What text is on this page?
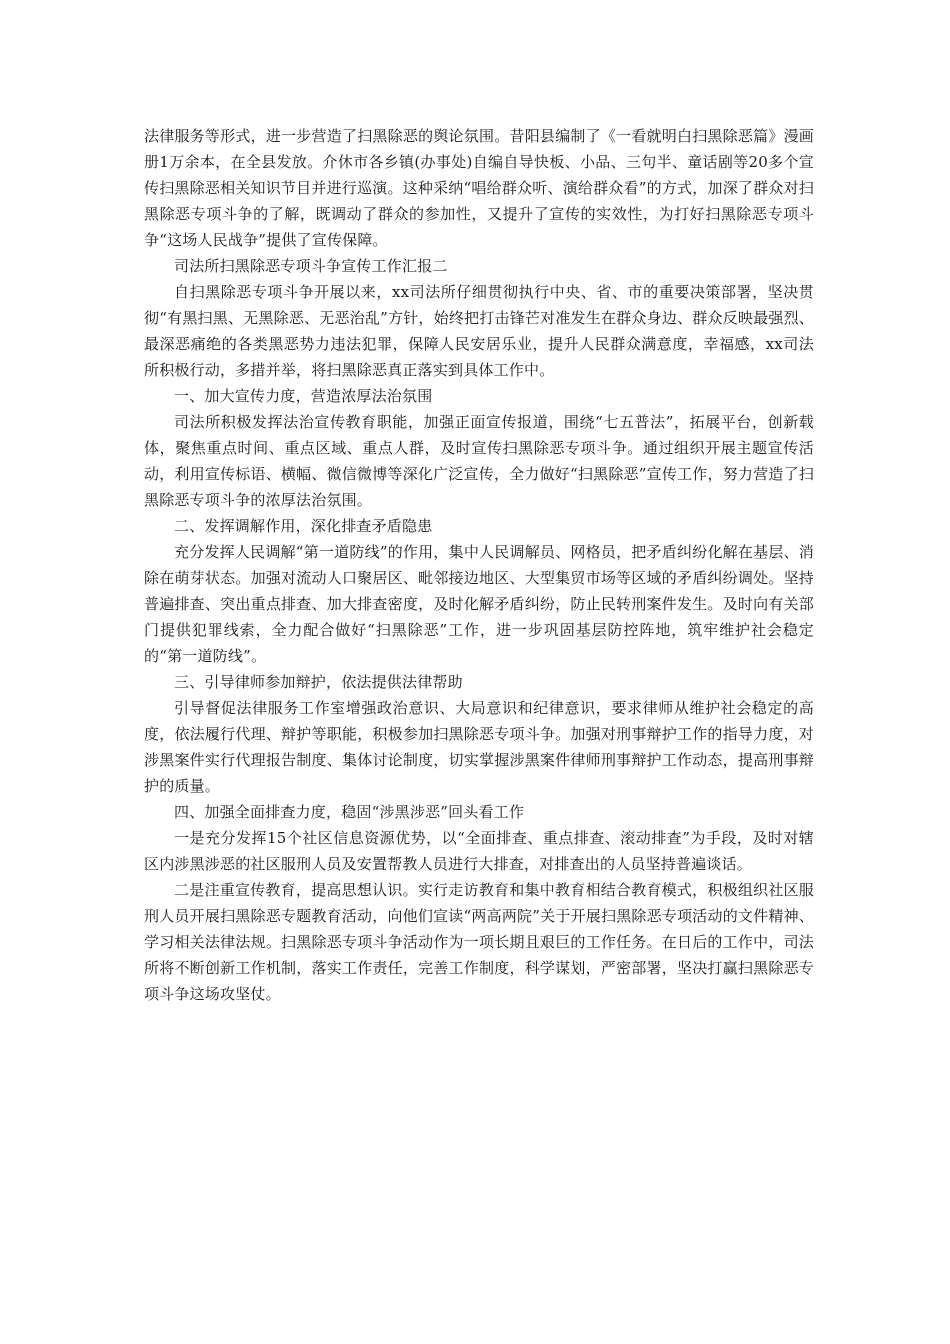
法律服务等形式，进一步营造了扫黑除恶的舆论氛围。昔阳县编制了《一看就明白扫黑除恶篇》漫画册1万余本，在全县发放。介休市各乡镇(办事处)自编自导快板、小品、三句半、童话剧等20多个宣传扫黑除恶相关知识节目并进行巡演。这种采纳“唱给群众听、演给群众看”的方式，加深了群众对扫黑除恶专项斗争的了解，既调动了群众的参加性，又提升了宣传的实效性，为打好扫黑除恶专项斗争“这场人民战争”提供了宣传保障。

司法所扫黑除恶专项斗争宣传工作汇报二

自扫黑除恶专项斗争开展以来，xx司法所仔细贯彻执行中央、省、市的重要决策部署，坚决贯彻“有黑扫黑、无黑除恶、无恶治乱”方针，始终把打击锋芒对准发生在群众身边、群众反映最强烈、最深恶痛绝的各类黑恶势力违法犯罪，保障人民安居乐业，提升人民群众满意度，幸福感，xx司法所积极行动，多措并举，将扫黑除恶真正落实到具体工作中。

一、加大宣传力度，营造浓厚法治氛围

司法所积极发挥法治宣传教育职能，加强正面宣传报道，围绕“七五普法”，拓展平台，创新载体，聚焦重点时间、重点区域、重点人群，及时宣传扫黑除恶专项斗争。通过组织开展主题宣传活动，利用宣传标语、横幅、微信微博等深化广泛宣传，全力做好“扫黑除恶”宣传工作，努力营造了扫黑除恶专项斗争的浓厚法治氛围。

二、发挥调解作用，深化排查矛盾隐患

充分发挥人民调解“第一道防线”的作用，集中人民调解员、网格员，把矛盾纠纷化解在基层、消除在萌芽状态。加强对流动人口聚居区、毗邻接边地区、大型集贸市场等区域的矛盾纠纷调处。坚持普遍排查、突出重点排查、加大排查密度，及时化解矛盾纠纷，防止民转刑案件发生。及时向有关部门提供犯罪线索，全力配合做好“扫黑除恶”工作，进一步巩固基层防控阵地，筑牢维护社会稳定的“第一道防线”。

三、引导律师参加辩护，依法提供法律帮助

引导督促法律服务工作室增强政治意识、大局意识和纪律意识，要求律师从维护社会稳定的高度，依法履行代理、辩护等职能，积极参加扫黑除恶专项斗争。加强对刑事辩护工作的指导力度，对涉黑案件实行代理报告制度、集体讨论制度，切实掌握涉黑案件律师刑事辩护工作动态，提高刑事辩护的质量。

四、加强全面排查力度，稳固“涉黑涉恶”回头看工作

一是充分发挥15个社区信息资源优势，以“全面排查、重点排查、滚动排查”为手段，及时对辖区内涉黑涉恶的社区服刑人员及安置帮教人员进行大排查，对排查出的人员坚持普遍谈话。

二是注重宣传教育，提高思想认识。实行走访教育和集中教育相结合教育模式，积极组织社区服刑人员开展扫黑除恶专题教育活动，向他们宣读“两高两院”关于开展扫黑除恶专项活动的文件精神、学习相关法律法规。扫黑除恶专项斗争活动作为一项长期且艰巨的工作任务。在日后的工作中，司法所将不断创新工作机制，落实工作责任，完善工作制度，科学谋划，严密部署，坚决打赢扫黑除恶专项斗争这场攻坚仗。
